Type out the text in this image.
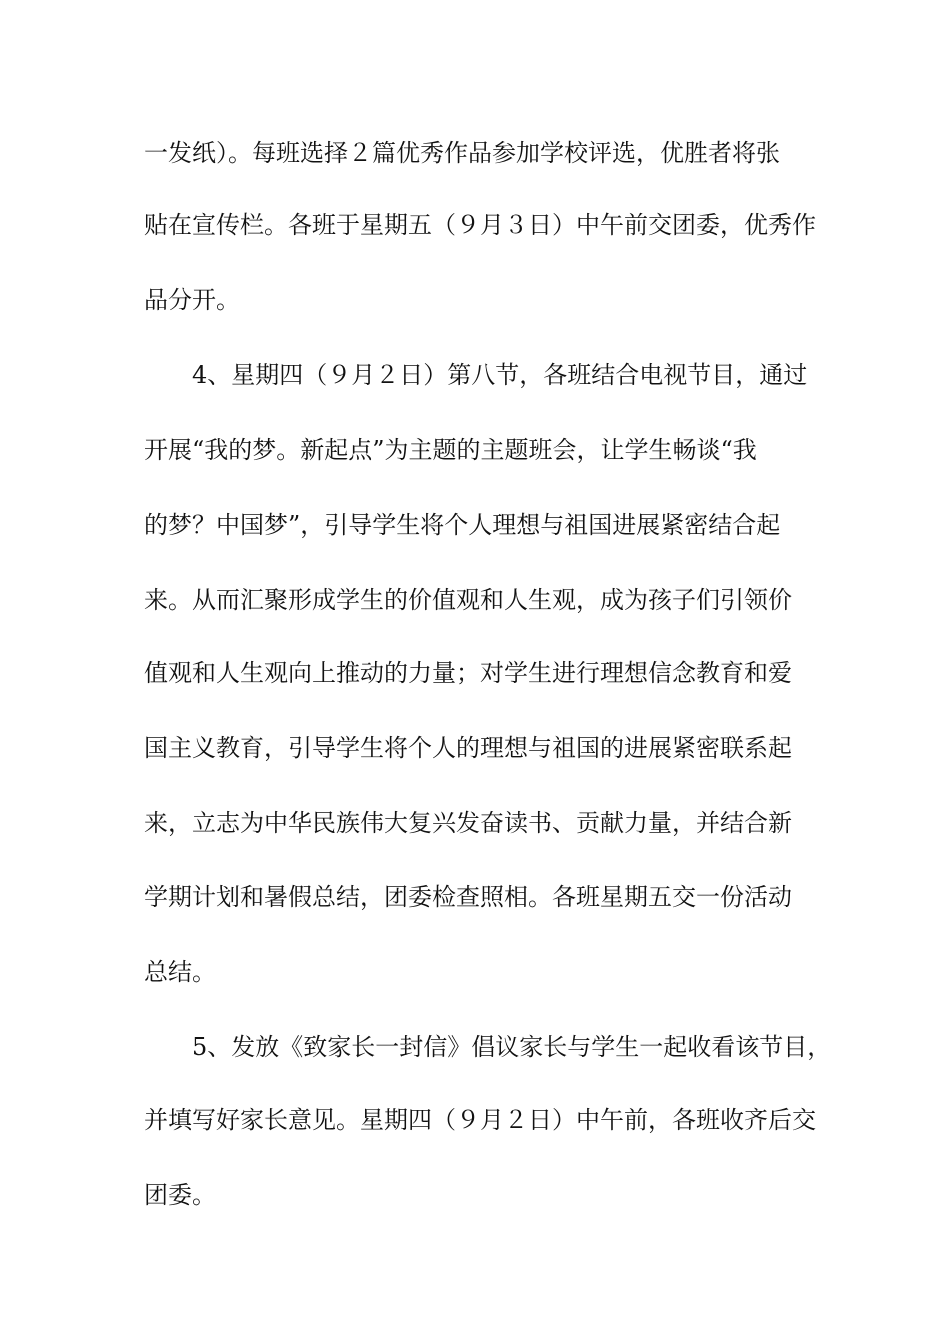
一发纸）。每班选择２篇优秀作品参加学校评选，优胜者将张
贴在宣传栏。各班于星期五（９月３日）中午前交团委，优秀作
品分开。
4、星期四（９月２日）第八节，各班结合电视节目，通过
开展“我的梦。新起点”为主题的主题班会，让学生畅谈“我
的梦？中国梦”，引导学生将个人理想与祖国进展紧密结合起
来。从而汇聚形成学生的价值观和人生观，成为孩子们引领价
值观和人生观向上推动的力量；对学生进行理想信念教育和爱
国主义教育，引导学生将个人的理想与祖国的进展紧密联系起
来，立志为中华民族伟大复兴发奋读书、贡献力量，并结合新
学期计划和暑假总结，团委检查照相。各班星期五交一份活动
总结。
5、发放《致家长一封信》倡议家长与学生一起收看该节目，
并填写好家长意见。星期四（９月２日）中午前，各班收齐后交
团委。
